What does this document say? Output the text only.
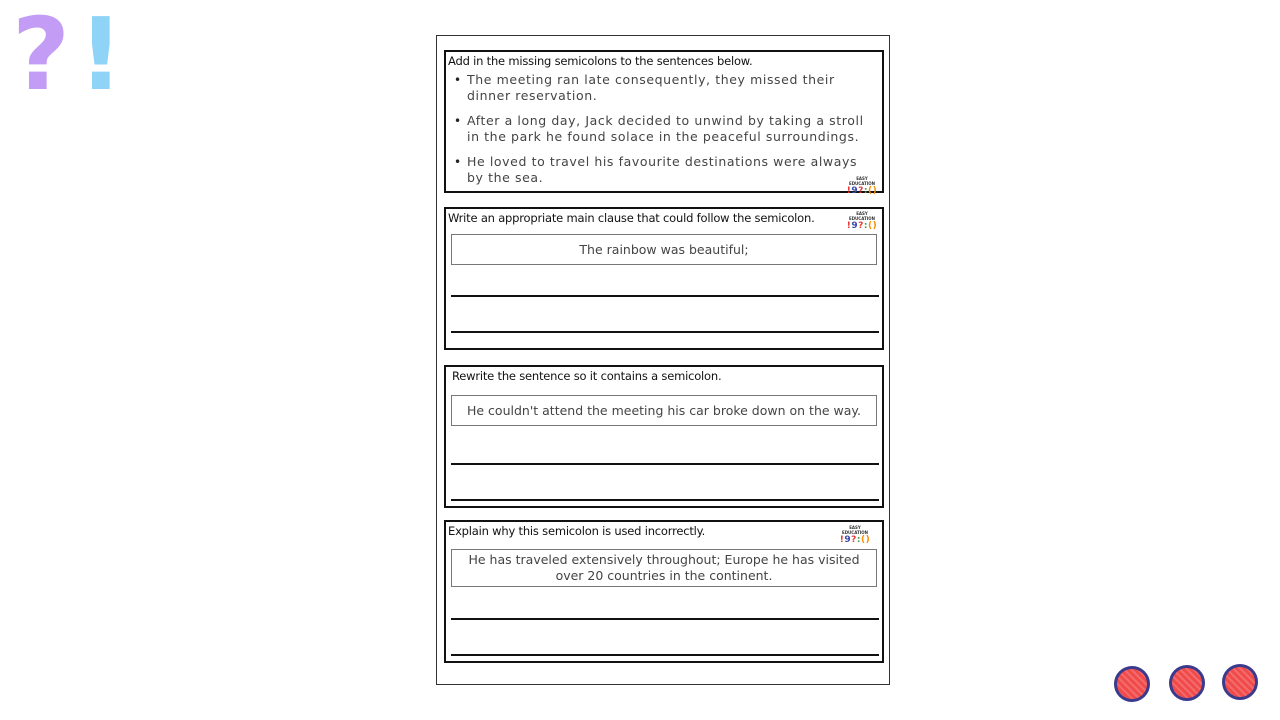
? !	Add in the missing semicolons to the sentences below.
• The meeting ran late consequently, they missed their dinner reservation.
• After a long day, Jack decided to unwind by taking a stroll in the park he found solace in the peaceful surroundings.
• He loved to travel his favourite destinations were always by the sea.	EASY EDUCATION
!9?:()
Write an appropriate main clause that could follow the semicolon.	EASY EDUCATION
!9?:()
The rainbow was beautiful;
Rewrite the sentence so it contains a semicolon.
He couldn't attend the meeting his car broke down on the way.
Explain why this semicolon is used incorrectly.	EASY EDUCATION
!9?:()
He has traveled extensively throughout; Europe he has visited over 20 countries in the continent.
